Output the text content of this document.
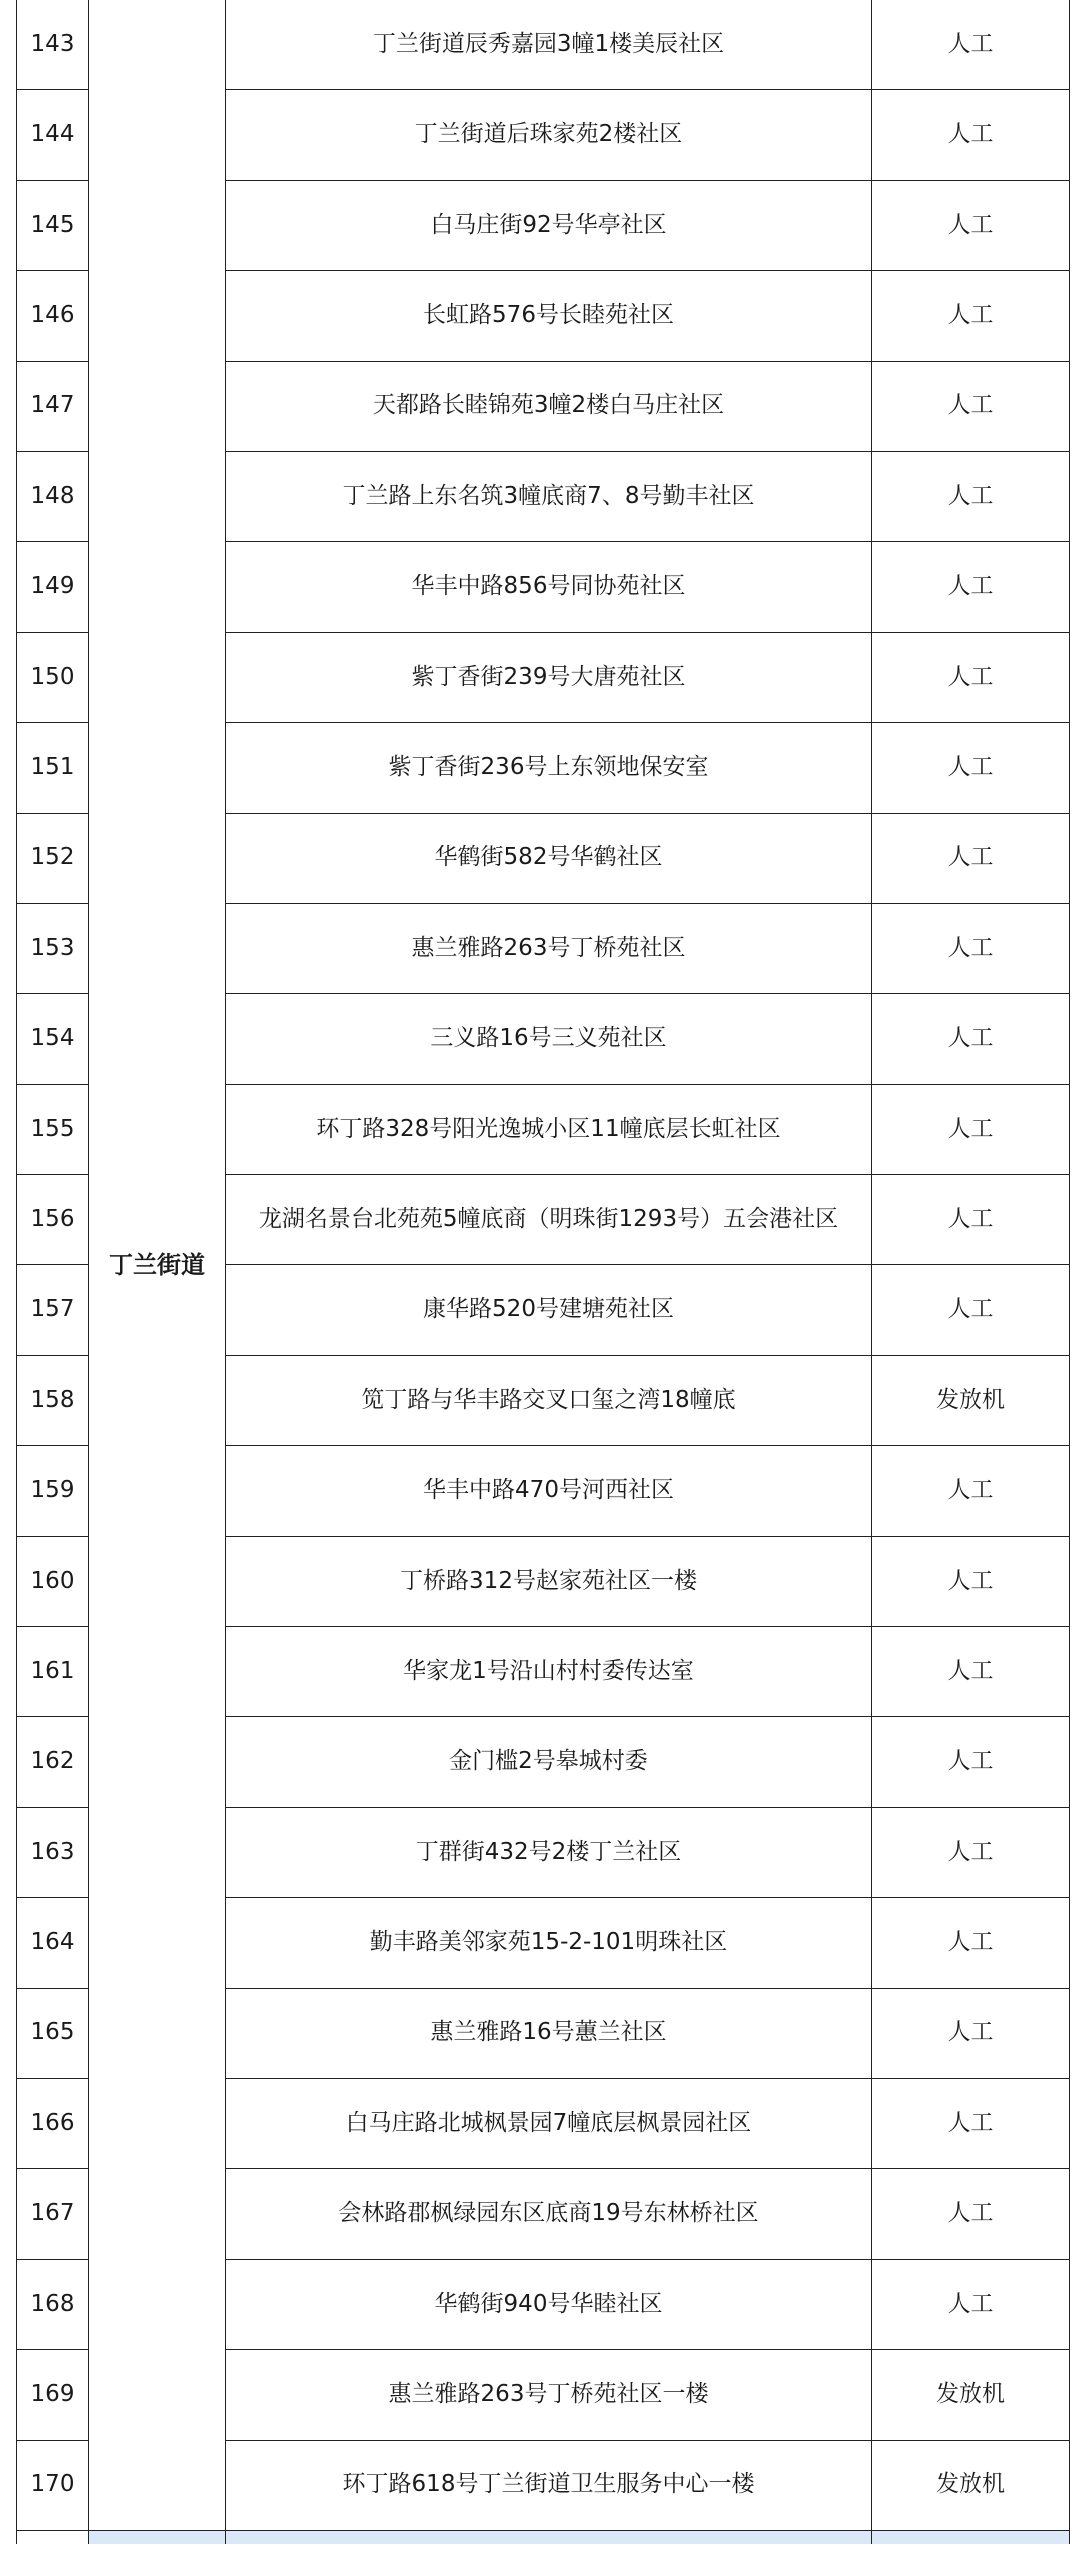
143	丁兰街道	丁兰街道辰秀嘉园3幢1楼美辰社区	人工
144		丁兰街道后珠家苑2楼社区	人工
145		白马庄街92号华亭社区	人工
146		长虹路576号长睦苑社区	人工
147		天都路长睦锦苑3幢2楼白马庄社区	人工
148		丁兰路上东名筑3幢底商7、8号勤丰社区	人工
149		华丰中路856号同协苑社区	人工
150		紫丁香街239号大唐苑社区	人工
151		紫丁香街236号上东领地保安室	人工
152		华鹤街582号华鹤社区	人工
153		惠兰雅路263号丁桥苑社区	人工
154		三义路16号三义苑社区	人工
155		环丁路328号阳光逸城小区11幢底层长虹社区	人工
156		龙湖名景台北苑苑5幢底商（明珠街1293号）五会港社区	人工
157		康华路520号建塘苑社区	人工
158		笕丁路与华丰路交叉口玺之湾18幢底	发放机
159		华丰中路470号河西社区	人工
160		丁桥路312号赵家苑社区一楼	人工
161		华家龙1号沿山村村委传达室	人工
162		金门槛2号皋城村委	人工
163		丁群街432号2楼丁兰社区	人工
164		勤丰路美邻家苑15-2-101明珠社区	人工
165		惠兰雅路16号蕙兰社区	人工
166		白马庄路北城枫景园7幢底层枫景园社区	人工
167		会林路郡枫绿园东区底商19号东林桥社区	人工
168		华鹤街940号华睦社区	人工
169		惠兰雅路263号丁桥苑社区一楼	发放机
170		环丁路618号丁兰街道卫生服务中心一楼	发放机
